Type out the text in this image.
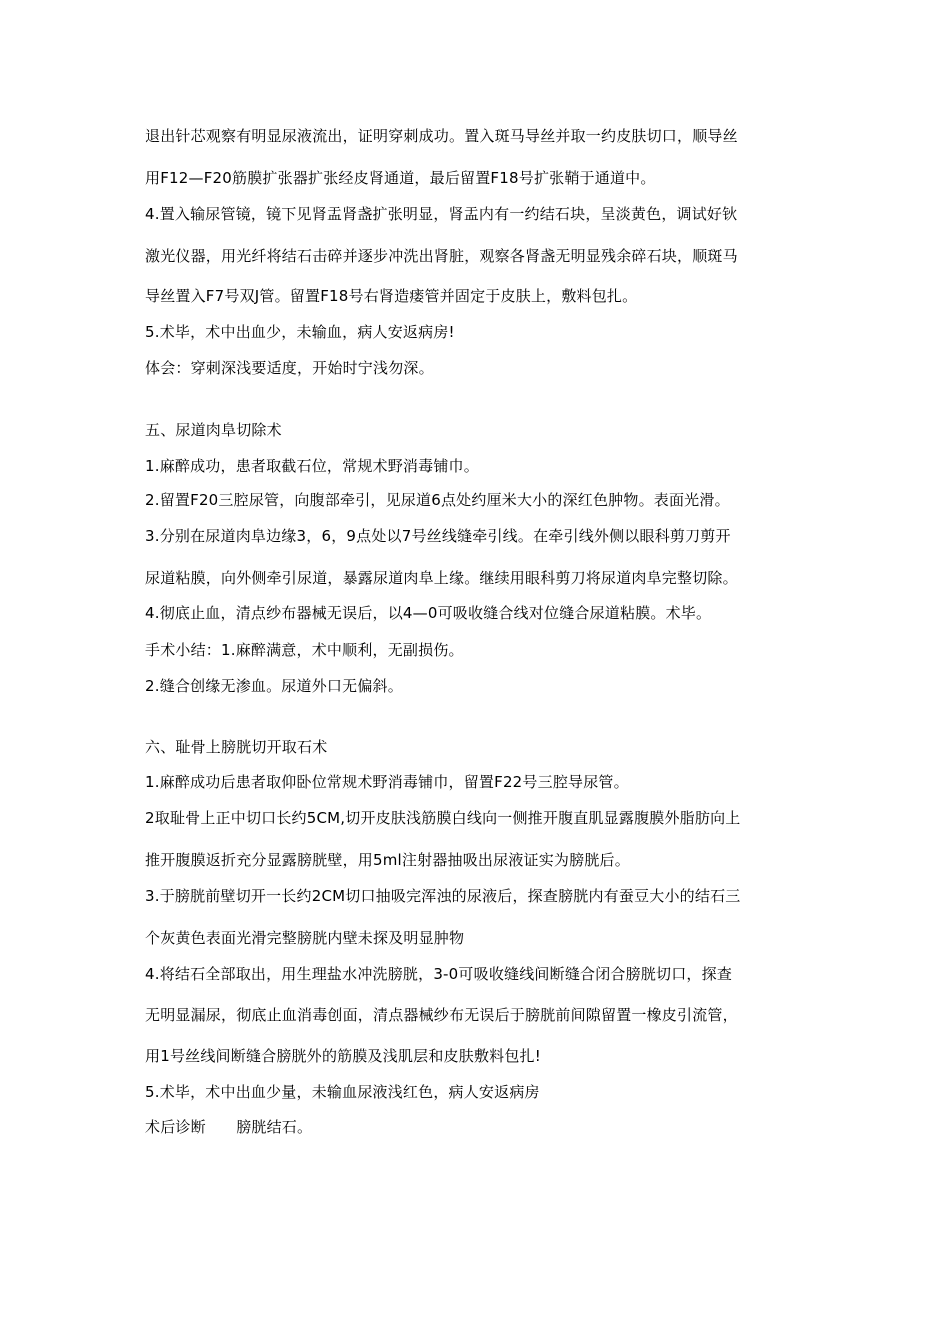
退出针芯观察有明显尿液流出，证明穿刺成功。置入斑马导丝并取一约皮肤切口，顺导丝
用F12—F20筋膜扩张器扩张经皮肾通道，最后留置F18号扩张鞘于通道中。
4.置入输尿管镜，镜下见肾盂肾盏扩张明显，肾盂内有一约结石块，呈淡黄色，调试好钬
激光仪器，用光纤将结石击碎并逐步冲洗出肾脏，观察各肾盏无明显残余碎石块，顺斑马
导丝置入F7号双J管。留置F18号右肾造瘘管并固定于皮肤上，敷料包扎。
5.术毕，术中出血少，未输血，病人安返病房!
体会：穿刺深浅要适度，开始时宁浅勿深。
五、尿道肉阜切除术
1.麻醉成功，患者取截石位，常规术野消毒铺巾。
2.留置F20三腔尿管，向腹部牵引，见尿道6点处约厘米大小的深红色肿物。表面光滑。
3.分别在尿道肉阜边缘3，6，9点处以7号丝线缝牵引线。在牵引线外侧以眼科剪刀剪开
尿道粘膜，向外侧牵引尿道，暴露尿道肉阜上缘。继续用眼科剪刀将尿道肉阜完整切除。
4.彻底止血，清点纱布器械无误后，以4—0可吸收缝合线对位缝合尿道粘膜。术毕。
手术小结：1.麻醉满意，术中顺利，无副损伤。
2.缝合创缘无渗血。尿道外口无偏斜。
六、耻骨上膀胱切开取石术
1.麻醉成功后患者取仰卧位常规术野消毒铺巾，留置F22号三腔导尿管。
2取耻骨上正中切口长约5CM,切开皮肤浅筋膜白线向一侧推开腹直肌显露腹膜外脂肪向上
推开腹膜返折充分显露膀胱壁，用5ml注射器抽吸出尿液证实为膀胱后。
3.于膀胱前壁切开一长约2CM切口抽吸完浑浊的尿液后，探查膀胱内有蚕豆大小的结石三
个灰黄色表面光滑完整膀胱内壁未探及明显肿物
4.将结石全部取出，用生理盐水冲洗膀胱，3-0可吸收缝线间断缝合闭合膀胱切口，探查
无明显漏尿，彻底止血消毒创面，清点器械纱布无误后于膀胱前间隙留置一橡皮引流管，
用1号丝线间断缝合膀胱外的筋膜及浅肌层和皮肤敷料包扎!
5.术毕，术中出血少量，未输血尿液浅红色，病人安返病房
术后诊断　　膀胱结石。
